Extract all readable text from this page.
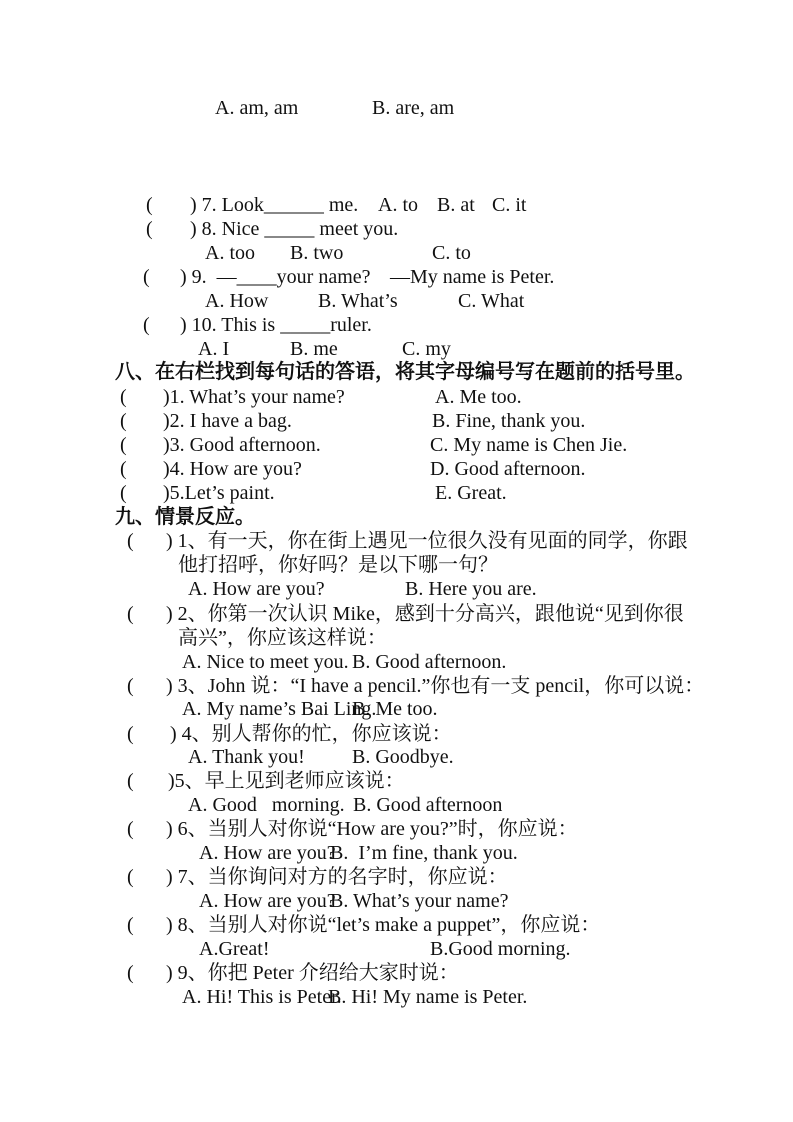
A. am, am	B. are, am
( ) 7. Look______ me. A. to B. at C. it
( ) 8. Nice _____ meet you.
A. too B. two	C. to
( ) 9.  —____your name? —My name is Peter.
A. How B. What’s	C. What
( ) 10. This is _____ruler.
A. I	B. me	C. my
八、在右栏找到每句话的答语，将其字母编号写在题前的括号里。
( )1. What’s your name?	A. Me too.
( )2. I have a bag.	B. Fine, thank you.
( )3. Good afternoon.	C. My name is Chen Jie.
( )4. How are you?	D. Good afternoon.
( )5.Let’s paint.	E. Great.
九、情景反应。
( ) 1、有一天，你在街上遇见一位很久没有见面的同学，你跟
他打招呼，你好吗？是以下哪一句？
A. How are you?	B. Here you are.
( ) 2、你第一次认识 Mike，感到十分高兴，跟他说“见到你很
高兴”，你应该这样说：
A. Nice to meet you. B. Good afternoon.
( ) 3、John 说：“I have a pencil.”你也有一支 pencil，你可以说：
A. My name’s Bai Ling.
B. Me too.
( ) 4、别人帮你的忙，你应该说：
A. Thank you! B. Goodbye.
( )5、早上见到老师应该说：
A. Good   morning. B. Good afternoon
( ) 6、当别人对你说“How are you?”时，你应说：
A. How are you?
B.  I’m fine, thank you.
( ) 7、当你询问对方的名字时，你应说：
A. How are you?
B. What’s your name?
( ) 8、当别人对你说“let’s make a puppet”，你应说：
A.Great!	B.Good morning.
( ) 9、你把 Peter 介绍给大家时说：
A. Hi! This is Peter.
B. Hi! My name is Peter.
